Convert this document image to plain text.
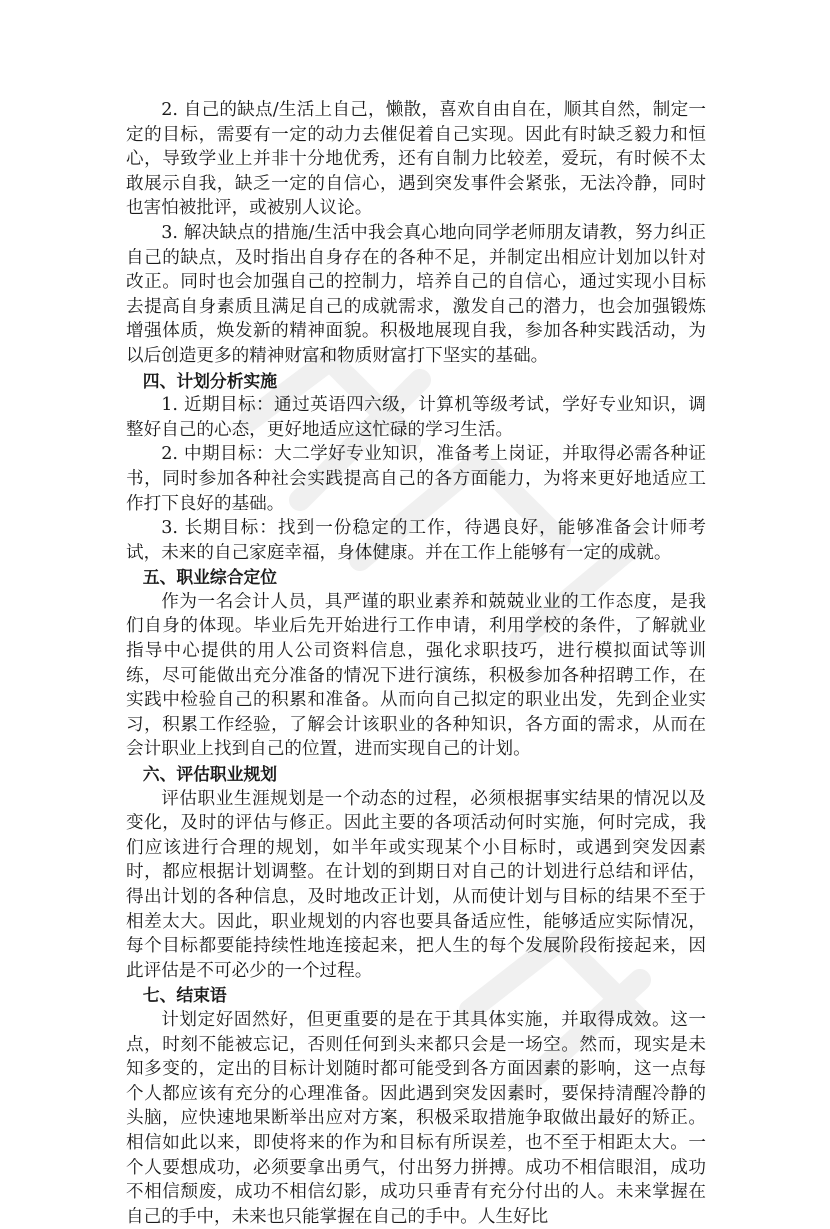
2. 自己的缺点/生活上自己，懒散，喜欢自由自在，顺其自然，制定一定的目标，需要有一定的动力去催促着自己实现。因此有时缺乏毅力和恒心，导致学业上并非十分地优秀，还有自制力比较差，爱玩，有时候不太敢展示自我，缺乏一定的自信心，遇到突发事件会紧张，无法冷静，同时也害怕被批评，或被别人议论。

3. 解决缺点的措施/生活中我会真心地向同学老师朋友请教，努力纠正自己的缺点，及时指出自身存在的各种不足，并制定出相应计划加以针对改正。同时也会加强自己的控制力，培养自己的自信心，通过实现小目标去提高自身素质且满足自己的成就需求，激发自己的潜力，也会加强锻炼增强体质，焕发新的精神面貌。积极地展现自我，参加各种实践活动，为以后创造更多的精神财富和物质财富打下坚实的基础。

四、计划分析实施

1. 近期目标：通过英语四六级，计算机等级考试，学好专业知识，调整好自己的心态，更好地适应这忙碌的学习生活。

2. 中期目标：大二学好专业知识，准备考上岗证，并取得必需各种证书，同时参加各种社会实践提高自己的各方面能力，为将来更好地适应工作打下良好的基础。

3. 长期目标：找到一份稳定的工作，待遇良好，能够准备会计师考试，未来的自己家庭幸福，身体健康。并在工作上能够有一定的成就。

五、职业综合定位

作为一名会计人员，具严谨的职业素养和兢兢业业的工作态度，是我们自身的体现。毕业后先开始进行工作申请，利用学校的条件，了解就业指导中心提供的用人公司资料信息，强化求职技巧，进行模拟面试等训练，尽可能做出充分准备的情况下进行演练，积极参加各种招聘工作，在实践中检验自己的积累和准备。从而向自己拟定的职业出发，先到企业实习，积累工作经验，了解会计该职业的各种知识，各方面的需求，从而在会计职业上找到自己的位置，进而实现自己的计划。

六、评估职业规划

评估职业生涯规划是一个动态的过程，必须根据事实结果的情况以及变化，及时的评估与修正。因此主要的各项活动何时实施，何时完成，我们应该进行合理的规划，如半年或实现某个小目标时，或遇到突发因素时，都应根据计划调整。在计划的到期日对自己的计划进行总结和评估，得出计划的各种信息，及时地改正计划，从而使计划与目标的结果不至于相差太大。因此，职业规划的内容也要具备适应性，能够适应实际情况，每个目标都要能持续性地连接起来，把人生的每个发展阶段衔接起来，因此评估是不可必少的一个过程。

七、结束语

计划定好固然好，但更重要的是在于其具体实施，并取得成效。这一点，时刻不能被忘记，否则任何到头来都只会是一场空。然而，现实是未知多变的，定出的目标计划随时都可能受到各方面因素的影响，这一点每个人都应该有充分的心理准备。因此遇到突发因素时，要保持清醒冷静的头脑，应快速地果断举出应对方案，积极采取措施争取做出最好的矫正。相信如此以来，即使将来的作为和目标有所误差，也不至于相距太大。一个人要想成功，必须要拿出勇气，付出努力拼搏。成功不相信眼泪，成功不相信颓废，成功不相信幻影，成功只垂青有充分付出的人。未来掌握在自己的手中，未来也只能掌握在自己的手中。人生好比
